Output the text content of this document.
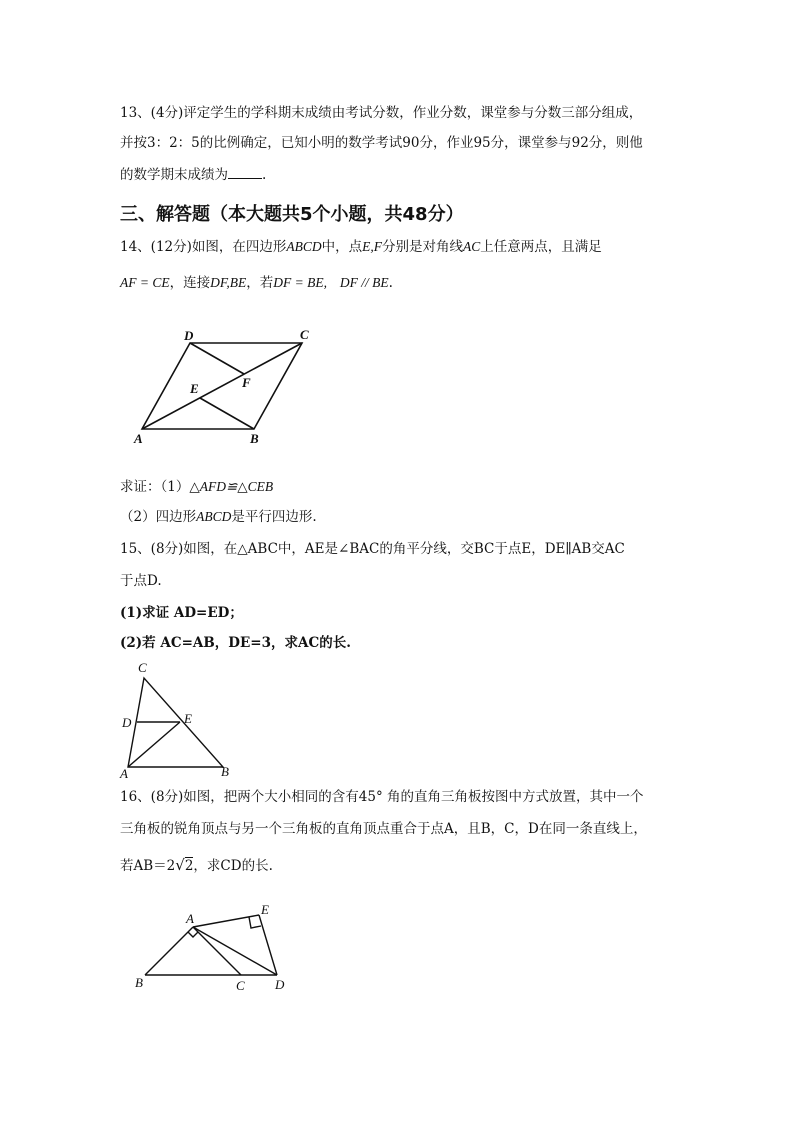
13、(4分)评定学生的学科期末成绩由考试分数，作业分数，课堂参与分数三部分组成，
并按3：2：5的比例确定，已知小明的数学考试90分，作业95分，课堂参与92分，则他
的数学期末成绩为	.
三、解答题（本大题共5个小题，共48分）
14、(12分)如图，在四边形ABCD中，点E,F分别是对角线AC上任意两点，且满足
AF = CE，连接DF,BE，若DF = BE, DF // BE.
D	C
A	B
E	F
求证：（1）△AFD≌△CEB
（2）四边形ABCD是平行四边形.
15、(8分)如图，在△ABC中，AE是∠BAC的角平分线，交BC于点E，DE∥AB交AC
于点D.
(1)求证 AD=ED；
(2)若 AC=AB，DE=3，求AC的长.
C
D	E
A	B
16、(8分)如图，把两个大小相同的含有45° 角的直角三角板按图中方式放置，其中一个
三角板的锐角顶点与另一个三角板的直角顶点重合于点A，且B，C，D在同一条直线上，
若AB＝2√2，求CD的长.
A
E
B	C D
